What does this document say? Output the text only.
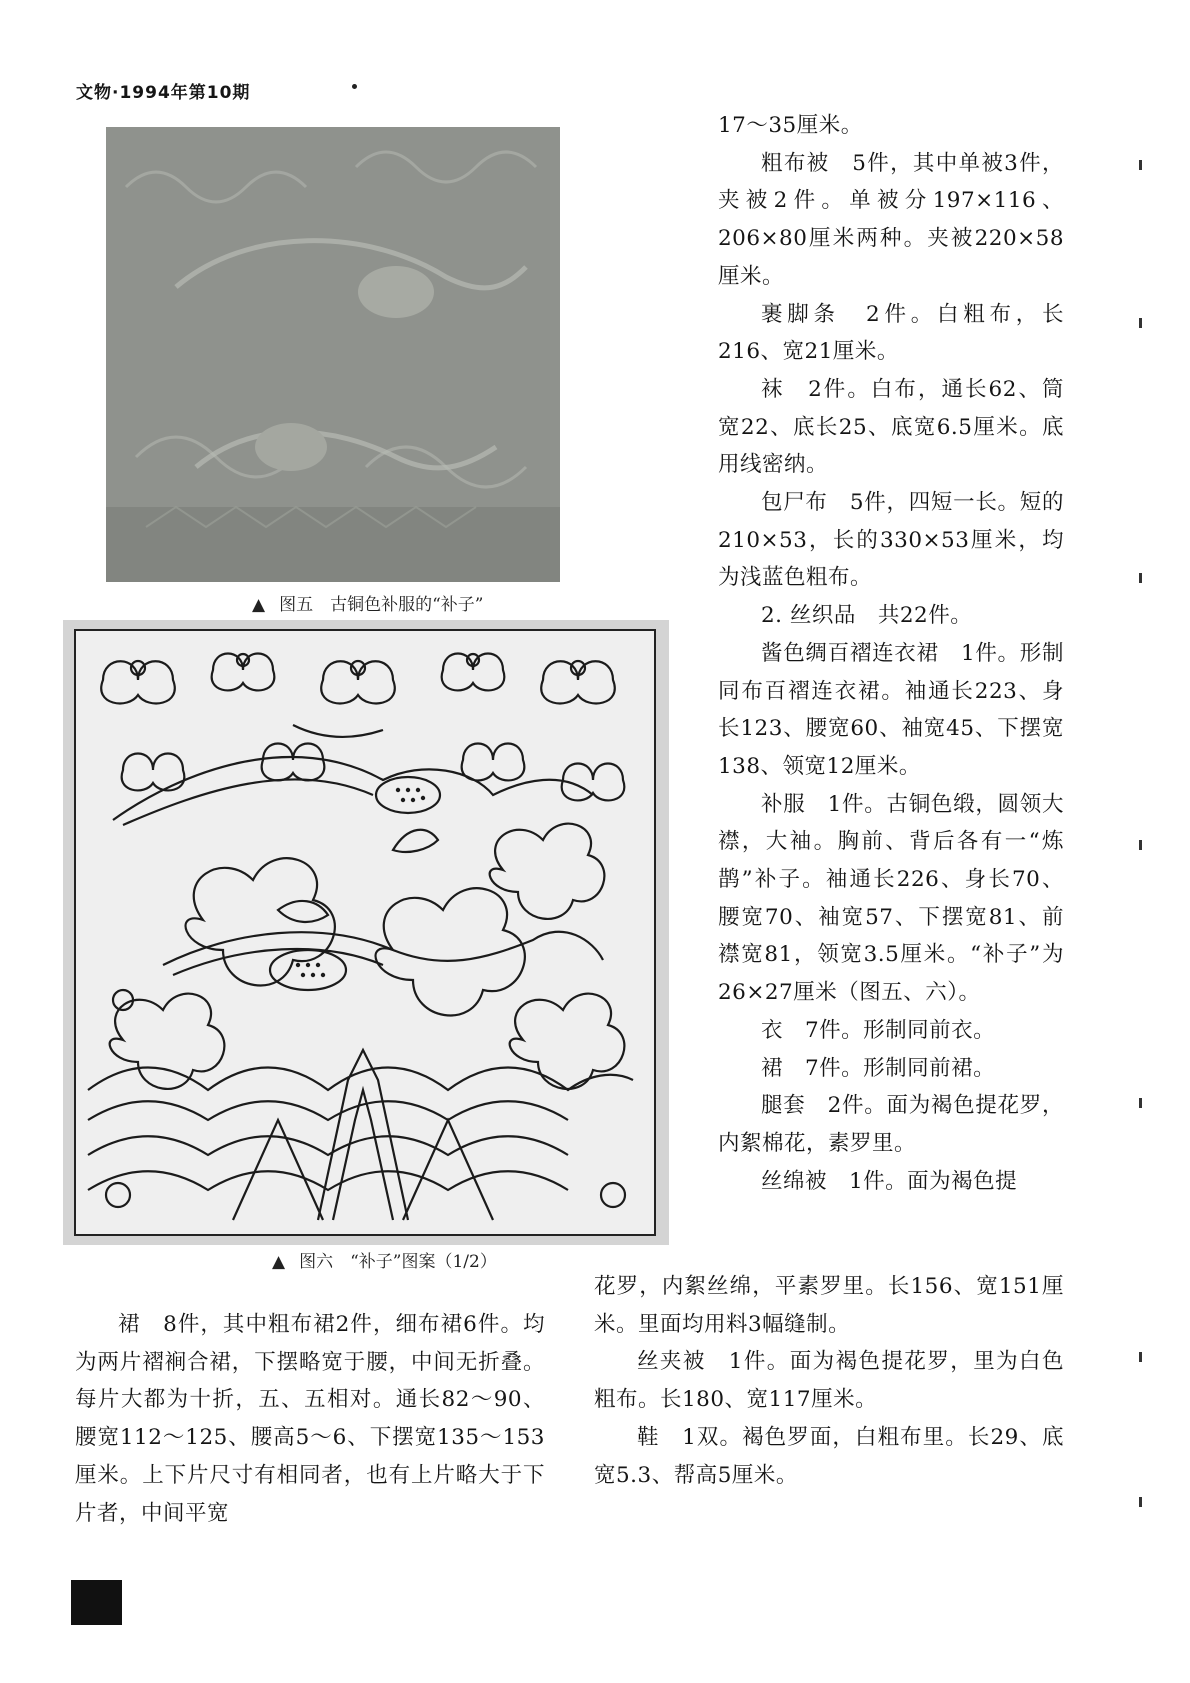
文物·1994年第10期
▲ 图五　古铜色补服的“补子”
▲ 图六　“补子”图案（1/2）

17～35厘米。

粗布被　5件，其中单被3件，夹被2件。单被分197×116、206×80厘米两种。夹被220×58厘米。

裹脚条　2件。白粗布，长216、宽21厘米。

袜　2件。白布，通长62、筒宽22、底长25、底宽6.5厘米。底用线密纳。

包尸布　5件，四短一长。短的210×53，长的330×53厘米，均为浅蓝色粗布。

2. 丝织品　共22件。

酱色绸百褶连衣裙　1件。形制同布百褶连衣裙。袖通长223、身长123、腰宽60、袖宽45、下摆宽138、领宽12厘米。

补服　1件。古铜色缎，圆领大襟，大袖。胸前、背后各有一“炼鹊”补子。袖通长226、身长70、腰宽70、袖宽57、下摆宽81、前襟宽81，领宽3.5厘米。“补子”为26×27厘米（图五、六）。

衣　7件。形制同前衣。

裙　7件。形制同前裙。

腿套　2件。面为褐色提花罗，内絮棉花，素罗里。

丝绵被　1件。面为褐色提

裙　8件，其中粗布裙2件，细布裙6件。均为两片褶裥合裙，下摆略宽于腰，中间无折叠。每片大都为十折，五、五相对。通长82～90、腰宽112～125、腰高5～6、下摆宽135～153厘米。上下片尺寸有相同者，也有上片略大于下片者，中间平宽

花罗，内絮丝绵，平素罗里。长156、宽151厘米。里面均用料3幅缝制。

丝夹被　1件。面为褐色提花罗，里为白色粗布。长180、宽117厘米。

鞋　1双。褐色罗面，白粗布里。长29、底宽5.3、帮高5厘米。
